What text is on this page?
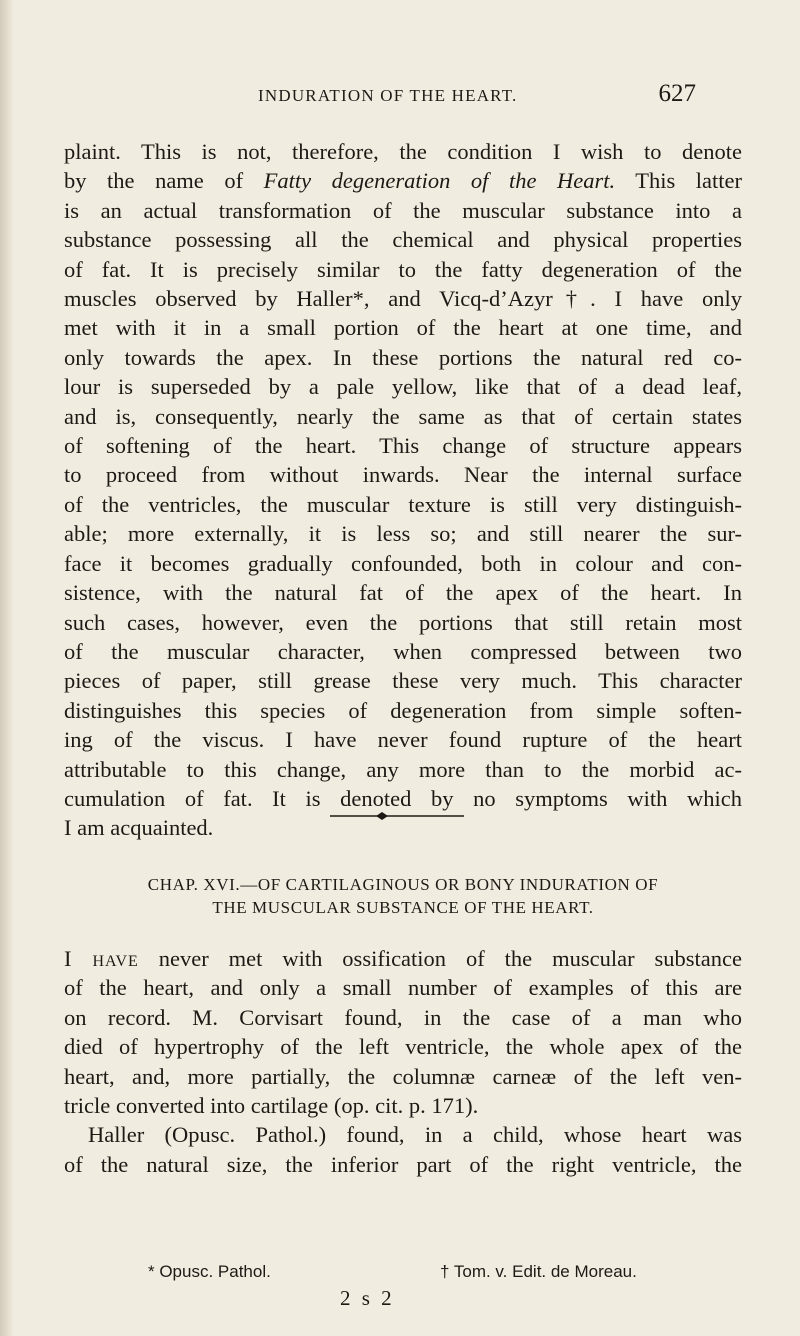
INDURATION OF THE HEART.	627
plaint. This is not, therefore, the condition I wish to denote
by the name of Fatty degeneration of the Heart. This latter
is an actual transformation of the muscular substance into a
substance possessing all the chemical and physical properties
of fat. It is precisely similar to the fatty degeneration of the
muscles observed by Haller*, and Vicq-d’Azyr†. I have only
met with it in a small portion of the heart at one time, and
only towards the apex. In these portions the natural red co-
lour is superseded by a pale yellow, like that of a dead leaf,
and is, consequently, nearly the same as that of certain states
of softening of the heart. This change of structure appears
to proceed from without inwards. Near the internal surface
of the ventricles, the muscular texture is still very distinguish-
able; more externally, it is less so; and still nearer the sur-
face it becomes gradually confounded, both in colour and con-
sistence, with the natural fat of the apex of the heart. In
such cases, however, even the portions that still retain most
of the muscular character, when compressed between two
pieces of paper, still grease these very much. This character
distinguishes this species of degeneration from simple soften-
ing of the viscus. I have never found rupture of the heart
attributable to this change, any more than to the morbid ac-
cumulation of fat. It is denoted by no symptoms with which
I am acquainted.
CHAP. XVI.—OF CARTILAGINOUS OR BONY INDURATION OF
THE MUSCULAR SUBSTANCE OF THE HEART.
I have never met with ossification of the muscular substance
of the heart, and only a small number of examples of this are
on record. M. Corvisart found, in the case of a man who
died of hypertrophy of the left ventricle, the whole apex of the
heart, and, more partially, the columnæ carneæ of the left ven-
tricle converted into cartilage (op. cit. p. 171).
Haller (Opusc. Pathol.) found, in a child, whose heart was
of the natural size, the inferior part of the right ventricle, the
* Opusc. Pathol.	† Tom. v. Edit. de Moreau.
2 s 2
